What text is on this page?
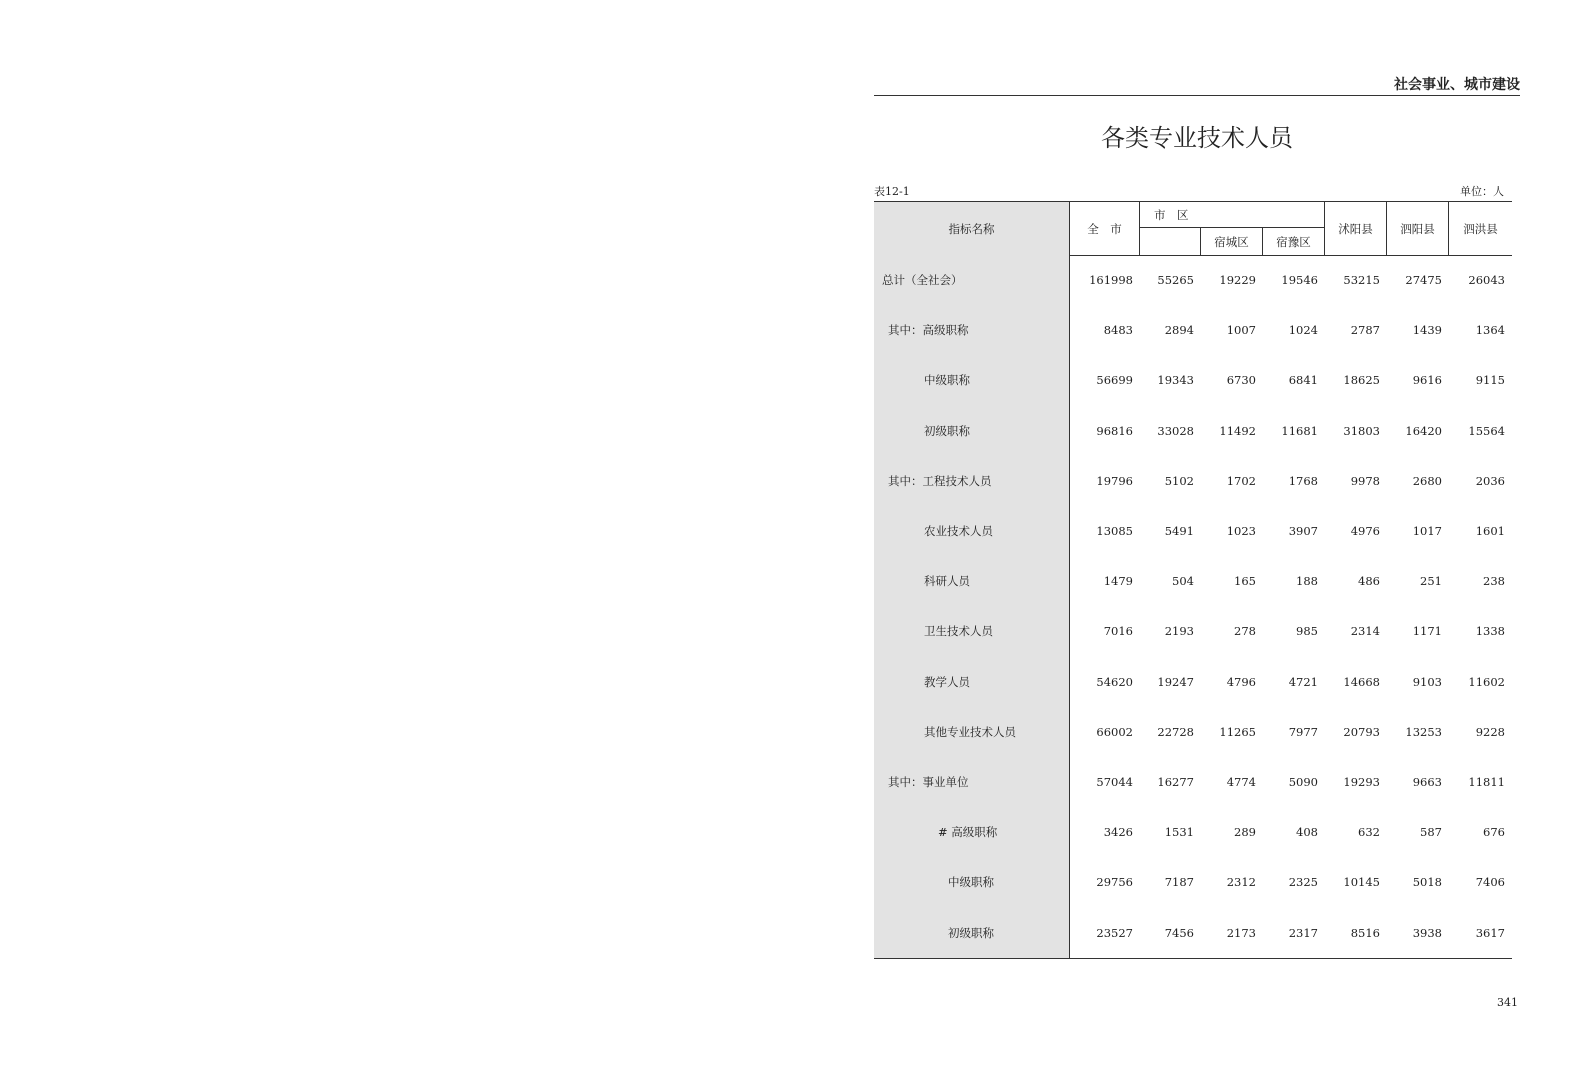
社会事业、城市建设
各类专业技术人员
表12-1	单位：人
指标名称	全　市
市　区
宿城区	宿豫区
沭阳县	泗阳县	泗洪县
总计（全社会）	161998	55265	19229	19546	53215	27475	26043
其中：高级职称	8483	2894	1007	1024	2787	1439	1364
中级职称	56699	19343	6730	6841	18625	9616	9115
初级职称	96816	33028	11492	11681	31803	16420	15564
其中：工程技术人员	19796	5102	1702	1768	9978	2680	2036
农业技术人员	13085	5491	1023	3907	4976	1017	1601
科研人员	1479	504	165	188	486	251	238
卫生技术人员	7016	2193	278	985	2314	1171	1338
教学人员	54620	19247	4796	4721	14668	9103	11602
其他专业技术人员	66002	22728	11265	7977	20793	13253	9228
其中：事业单位	57044	16277	4774	5090	19293	9663	11811
# 高级职称	3426	1531	289	408	632	587	676
中级职称	29756	7187	2312	2325	10145	5018	7406
初级职称	23527	7456	2173	2317	8516	3938	3617
341
